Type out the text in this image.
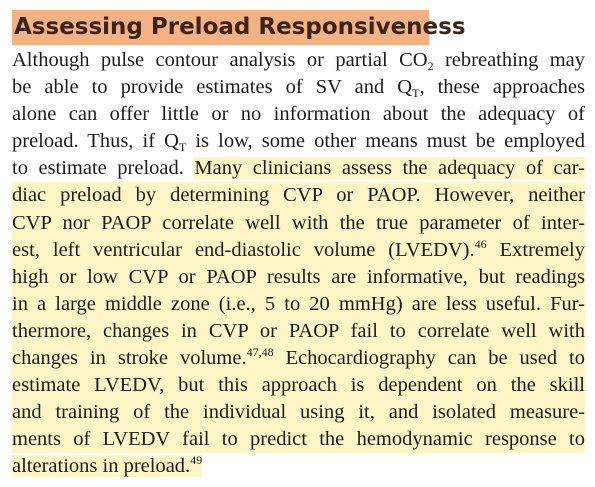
Assessing Preload Responsiveness
Although pulse contour analysis or partial $CO_2$ rebreathing may
be able to provide estimates of SV and $Q_T$, these approaches
alone can offer little or no information about the adequacy of
preload. Thus, if $Q_T$ is low, some other means must be employed
to estimate preload. Many clinicians assess the adequacy of car-
diac preload by determining CVP or PAOP. However, neither
CVP nor PAOP correlate well with the true parameter of inter-
est, left ventricular end-diastolic volume (LVEDV).$^{46}$ Extremely
high or low CVP or PAOP results are informative, but readings
in a large middle zone (i.e., 5 to 20 mmHg) are less useful. Fur-
thermore, changes in CVP or PAOP fail to correlate well with
changes in stroke volume.$^{47,48}$ Echocardiography can be used to
estimate LVEDV, but this approach is dependent on the skill
and training of the individual using it, and isolated measure-
ments of LVEDV fail to predict the hemodynamic response to
alterations in preload.$^{49}$
